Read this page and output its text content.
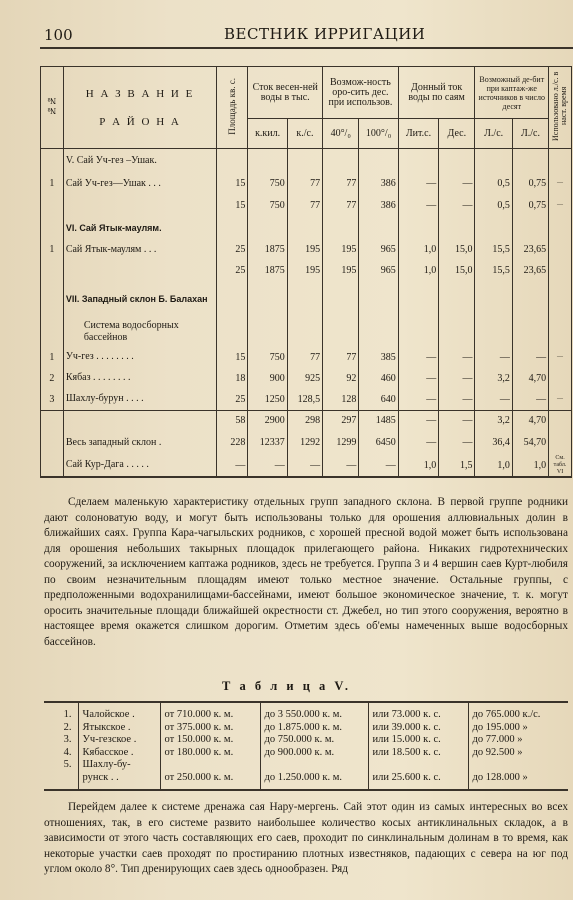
100	ВЕСТНИК ИРРИГАЦИИ
№№	Н А З В А Н И Е
Р А Й О Н А	Площадь кв. с.	Сток весен-ней воды в тыс.		Возмож-ность оро-сить дес. при использов.		Донный ток воды по саям		Возможный де-бит при каптаж-же источников в число десят		Использовано л./с. в наст. время
			к.кил.	к./с.	40°/₀	100°/₀	Лит.с.	Дес.	Л./с.	Л./с.	
	V. Сай Уч-гез –Ушак.										
1	Сай Уч-гез—Ушак . . .	15	750	77	77	386	—	—	0,5	0,75	—
		15	750	77	77	386	—	—	0,5	0,75	—
	VI. Сай Ятык-маулям.										
1	Сай Ятык-маулям . . .	25	1875	195	195	965	1,0	15,0	15,5	23,65	
		25	1875	195	195	965	1,0	15,0	15,5	23,65	
	VII. Западный склон Б. Балахан										
	Система водосборных бассейнов										
1	Уч-гез . . . . . . . .	15	750	77	77	385	—	—	—	—	—
2	Кябаз . . . . . . . .	18	900	925	92	460	—	—	3,2	4,70	
3	Шахлу-бурун . . . .	25	1250	128,5	128	640	—	—	—	—	—
		58	2900	298	297	1485	—	—	3,2	4,70	
	Весь западный склон .	228	12337	1292	1299	6450	—	—	36,4	54,70	
	Сай Кур-Дага . . . . .	—	—	—	—	—	1,0	1,5	1,0	1,0	См. табл. VI

Сделаем маленькую характеристику отдельных групп западного склона. В первой группе родники дают солоноватую воду, и могут быть использованы только для орошения аллювиальных долин в ближайших саях. Группа Кара-чагыльских родников, с хорошей пресной водой может быть использована для орошения небольших такырных площадок прилегающего района. Никаких гидротехнических сооружений, за исключением каптажа родников, здесь не требуется. Группа 3 и 4 вершин саев Курт-любиля по своим незначительным площадям имеют только местное значение. Остальные группы, с предположенными водохранилищами-бассейнами, имеют большое экономическое значение, т. к. могут оросить значительные площади ближайшей окрестности ст. Джебел, но тип этого сооружения, вероятно в настоящее время окажется слишком дорогим. Отметим здесь об'емы намеченных выше водосборных бассейнов.

Т а б л и ц а V.
1.	Чалойское .	от 710.000 к. м.	до 3 550.000 к. м.	или 73.000 к. с.	до 765.000 к./с.
2.	Ятыкское .	от 375.000 к. м.	до 1.875.000 к. м.	или 39.000 к. с.	до 195.000 »
3.	Уч-гезское .	от 150.000 к. м.	до 750.000 к. м.	или 15.000 к. с.	до 77.000 »
4.	Кябасское .	от 180.000 к. м.	до 900.000 к. м.	или 18.500 к. с.	до 92.500 »
5.	Шахлу-бу-				
	рунск . .	от 250.000 к. м.	до 1.250.000 к. м.	или 25.600 к. с.	до 128.000 »

Перейдем далее к системе дренажа сая Нару-мергень. Сай этот один из самых интересных во всех отношениях, так, в его системе развито наибольшее количество косых антиклинальных складок, а в зависимости от этого часть составляющих его саев, проходит по синклинальным долинам в то время, как некоторые участки саев проходят по простиранию плотных известняков, падающих с севера на юг под углом около 8°. Тип дренирующих саев здесь однообразен. Ряд
